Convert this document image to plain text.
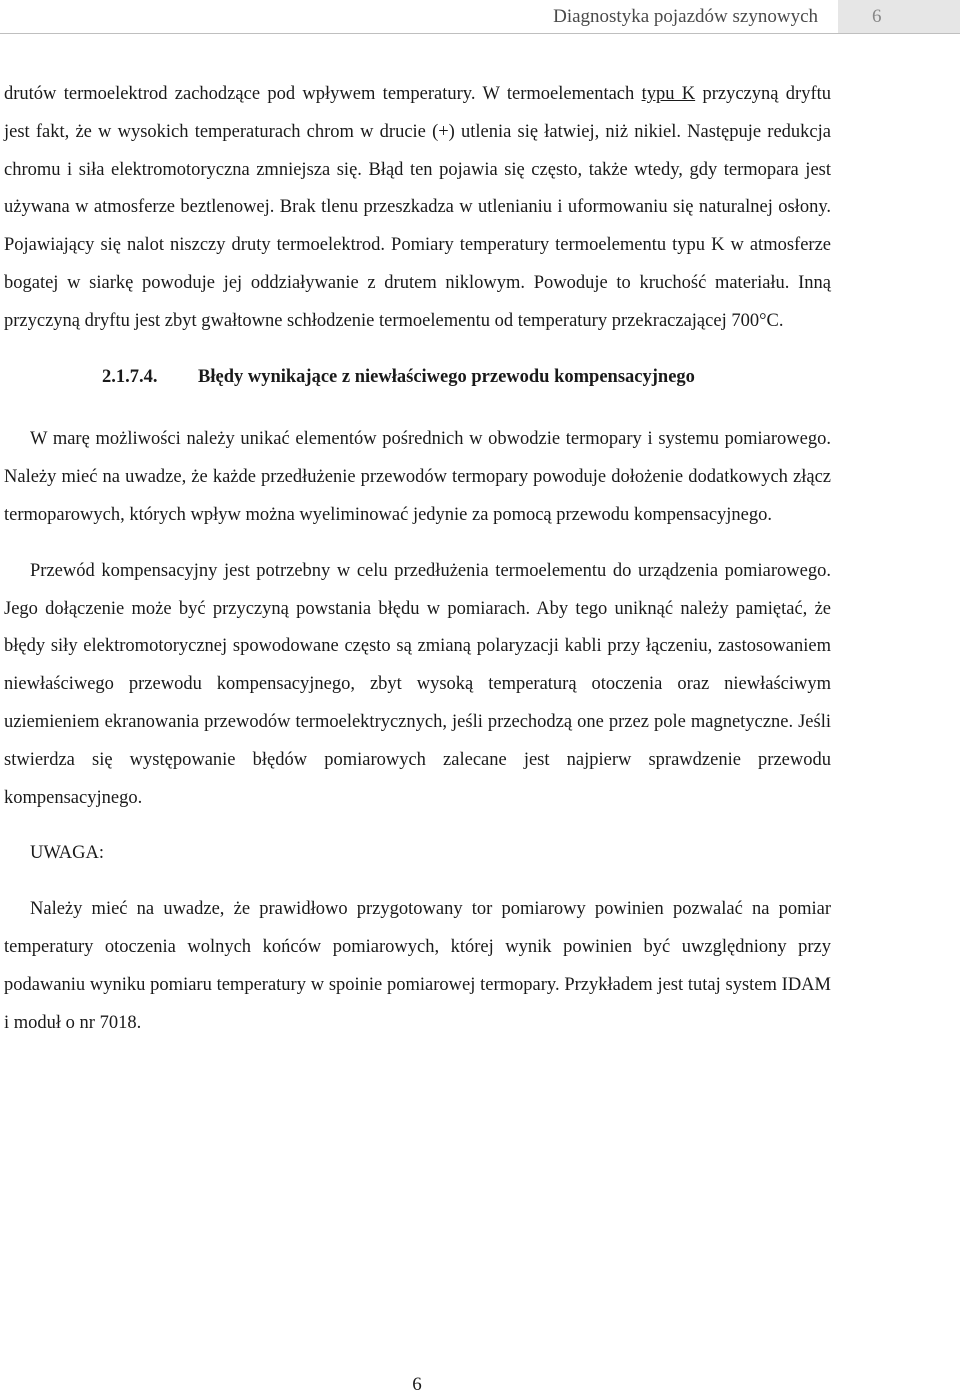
Diagnostyka pojazdów szynowych	6

drutów termoelektrod zachodzące pod wpływem temperatury. W termoelementach typu K przyczyną dryftu jest fakt, że w wysokich temperaturach chrom w drucie (+) utlenia się łatwiej, niż nikiel. Następuje redukcja chromu i siła elektromotoryczna zmniejsza się. Błąd ten pojawia się często, także wtedy, gdy termopara jest używana w atmosferze beztlenowej. Brak tlenu przeszkadza w utlenianiu i uformowaniu się naturalnej osłony. Pojawiający się nalot niszczy druty termoelektrod. Pomiary temperatury termoelementu typu K w atmosferze bogatej w siarkę powoduje jej oddziaływanie z drutem niklowym. Powoduje to kruchość materiału. Inną przyczyną dryftu jest zbyt gwałtowne schłodzenie termoelementu od temperatury przekraczającej 700°C.

2.1.7.4. Błędy wynikające z niewłaściwego przewodu kompensacyjnego

W marę możliwości należy unikać elementów pośrednich w obwodzie termopary i systemu pomiarowego. Należy mieć na uwadze, że każde przedłużenie przewodów termopary powoduje dołożenie dodatkowych złącz termoparowych, których wpływ można wyeliminować jedynie za pomocą przewodu kompensacyjnego.

Przewód kompensacyjny jest potrzebny w celu przedłużenia termoelementu do urządzenia pomiarowego. Jego dołączenie może być przyczyną powstania błędu w pomiarach. Aby tego uniknąć należy pamiętać, że błędy siły elektromotorycznej spowodowane często są zmianą polaryzacji kabli przy łączeniu, zastosowaniem niewłaściwego przewodu kompensacyjnego, zbyt wysoką temperaturą otoczenia oraz niewłaściwym uziemieniem ekranowania przewodów termoelektrycznych, jeśli przechodzą one przez pole magnetyczne. Jeśli stwierdza się występowanie błędów pomiarowych zalecane jest najpierw sprawdzenie przewodu kompensacyjnego.

UWAGA:

Należy mieć na uwadze, że prawidłowo przygotowany tor pomiarowy powinien pozwalać na pomiar temperatury otoczenia wolnych końców pomiarowych, której wynik powinien być uwzględniony przy podawaniu wyniku pomiaru temperatury w spoinie pomiarowej termopary. Przykładem jest tutaj system IDAM i moduł o nr 7018.

6
